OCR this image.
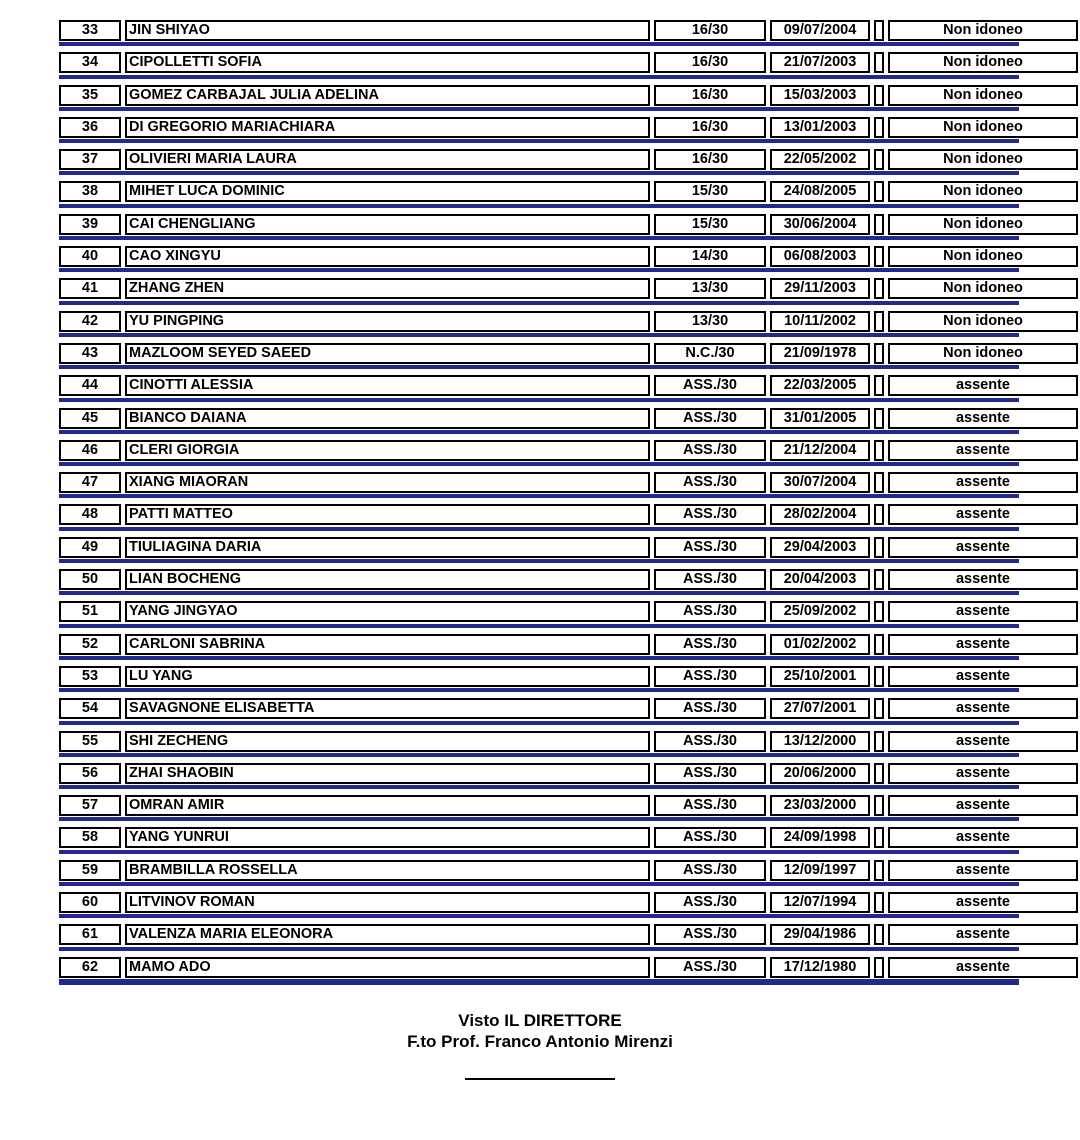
33	JIN SHIYAO	16/30	09/07/2004	Non idoneo
34	CIPOLLETTI SOFIA	16/30	21/07/2003	Non idoneo
35	GOMEZ CARBAJAL JULIA ADELINA	16/30	15/03/2003	Non idoneo
36	DI GREGORIO MARIACHIARA	16/30	13/01/2003	Non idoneo
37	OLIVIERI MARIA LAURA	16/30	22/05/2002	Non idoneo
38	MIHET LUCA DOMINIC	15/30	24/08/2005	Non idoneo
39	CAI CHENGLIANG	15/30	30/06/2004	Non idoneo
40	CAO XINGYU	14/30	06/08/2003	Non idoneo
41	ZHANG ZHEN	13/30	29/11/2003	Non idoneo
42	YU PINGPING	13/30	10/11/2002	Non idoneo
43	MAZLOOM SEYED SAEED	N.C./30	21/09/1978	Non idoneo
44	CINOTTI ALESSIA	ASS./30	22/03/2005	assente
45	BIANCO DAIANA	ASS./30	31/01/2005	assente
46	CLERI GIORGIA	ASS./30	21/12/2004	assente
47	XIANG MIAORAN	ASS./30	30/07/2004	assente
48	PATTI MATTEO	ASS./30	28/02/2004	assente
49	TIULIAGINA DARIA	ASS./30	29/04/2003	assente
50	LIAN BOCHENG	ASS./30	20/04/2003	assente
51	YANG JINGYAO	ASS./30	25/09/2002	assente
52	CARLONI SABRINA	ASS./30	01/02/2002	assente
53	LU YANG	ASS./30	25/10/2001	assente
54	SAVAGNONE ELISABETTA	ASS./30	27/07/2001	assente
55	SHI ZECHENG	ASS./30	13/12/2000	assente
56	ZHAI SHAOBIN	ASS./30	20/06/2000	assente
57	OMRAN AMIR	ASS./30	23/03/2000	assente
58	YANG YUNRUI	ASS./30	24/09/1998	assente
59	BRAMBILLA ROSSELLA	ASS./30	12/09/1997	assente
60	LITVINOV ROMAN	ASS./30	12/07/1994	assente
61	VALENZA MARIA ELEONORA	ASS./30	29/04/1986	assente
62	MAMO ADO	ASS./30	17/12/1980	assente
Visto IL DIRETTORE
F.to Prof. Franco Antonio Mirenzi
